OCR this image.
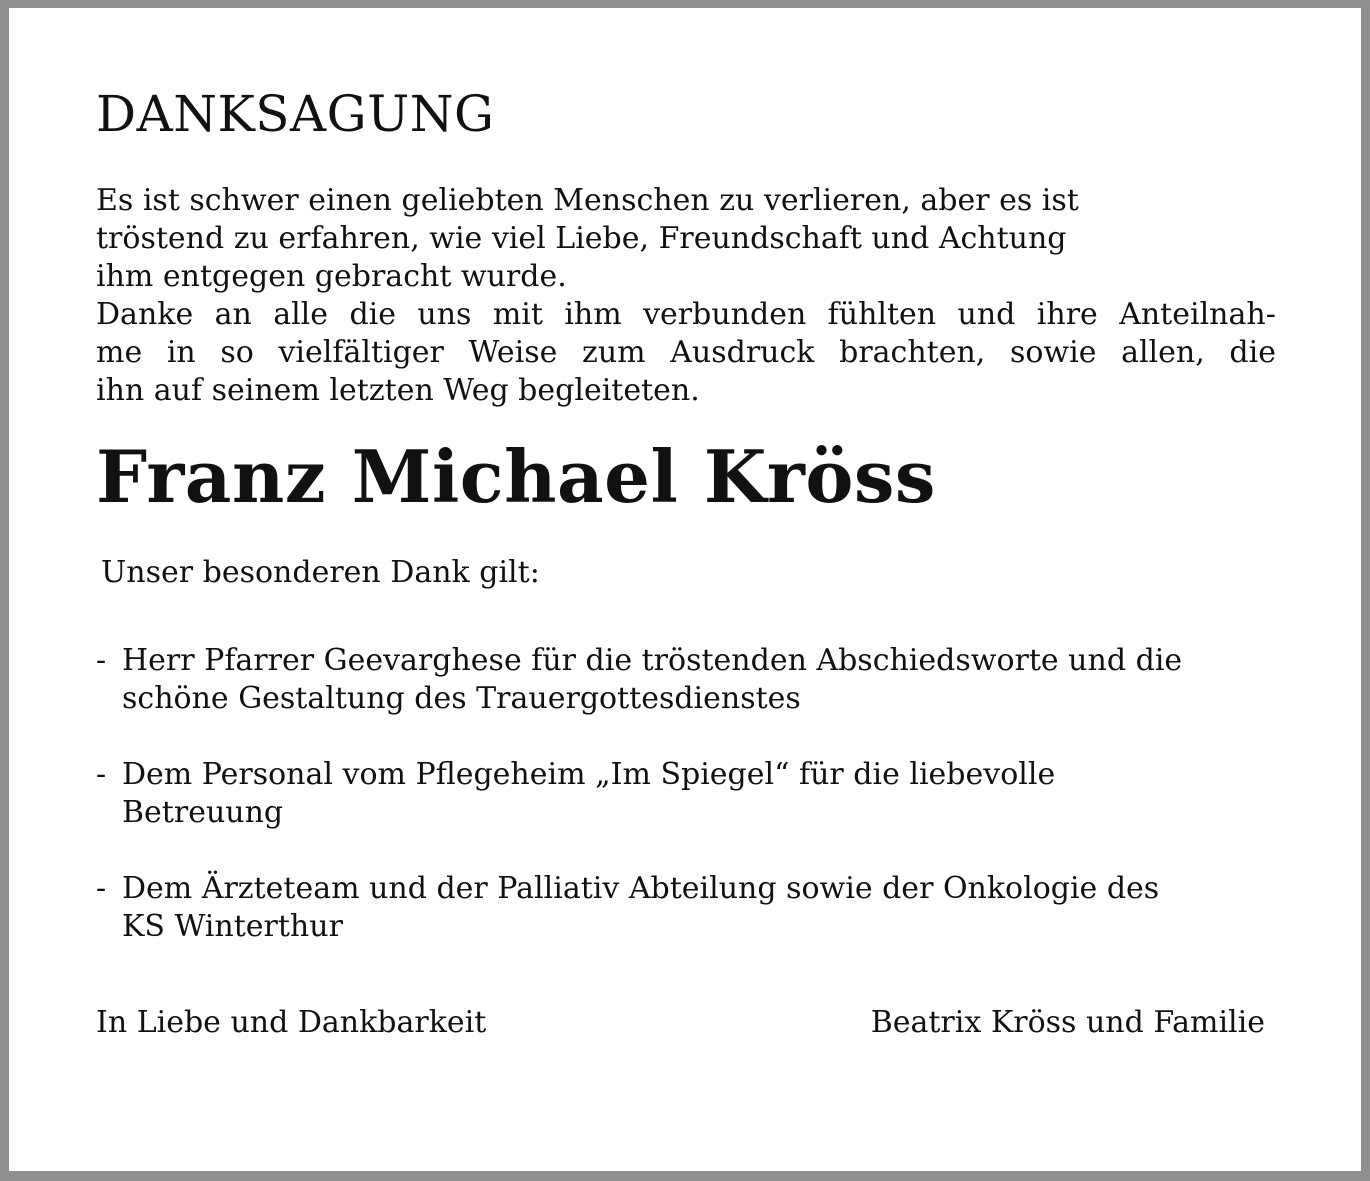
DANKSAGUNG
Es ist schwer einen geliebten Menschen zu verlieren, aber es ist
tröstend zu erfahren, wie viel Liebe, Freundschaft und Achtung
ihm entgegen gebracht wurde.
Danke an alle die uns mit ihm verbunden fühlten und ihre Anteilnah-
me in so vielfältiger Weise zum Ausdruck brachten, sowie allen, die
ihn auf seinem letzten Weg begleiteten.
Franz Michael Kröss
Unser besonderen Dank gilt:
- Herr Pfarrer Geevarghese für die tröstenden Abschiedsworte und die
schöne Gestaltung des Trauergottesdienstes
- Dem Personal vom Pflegeheim „Im Spiegel“ für die liebevolle
Betreuung
- Dem Ärzteteam und der Palliativ Abteilung sowie der Onkologie des
KS Winterthur
In Liebe und Dankbarkeit	Beatrix Kröss und Familie
